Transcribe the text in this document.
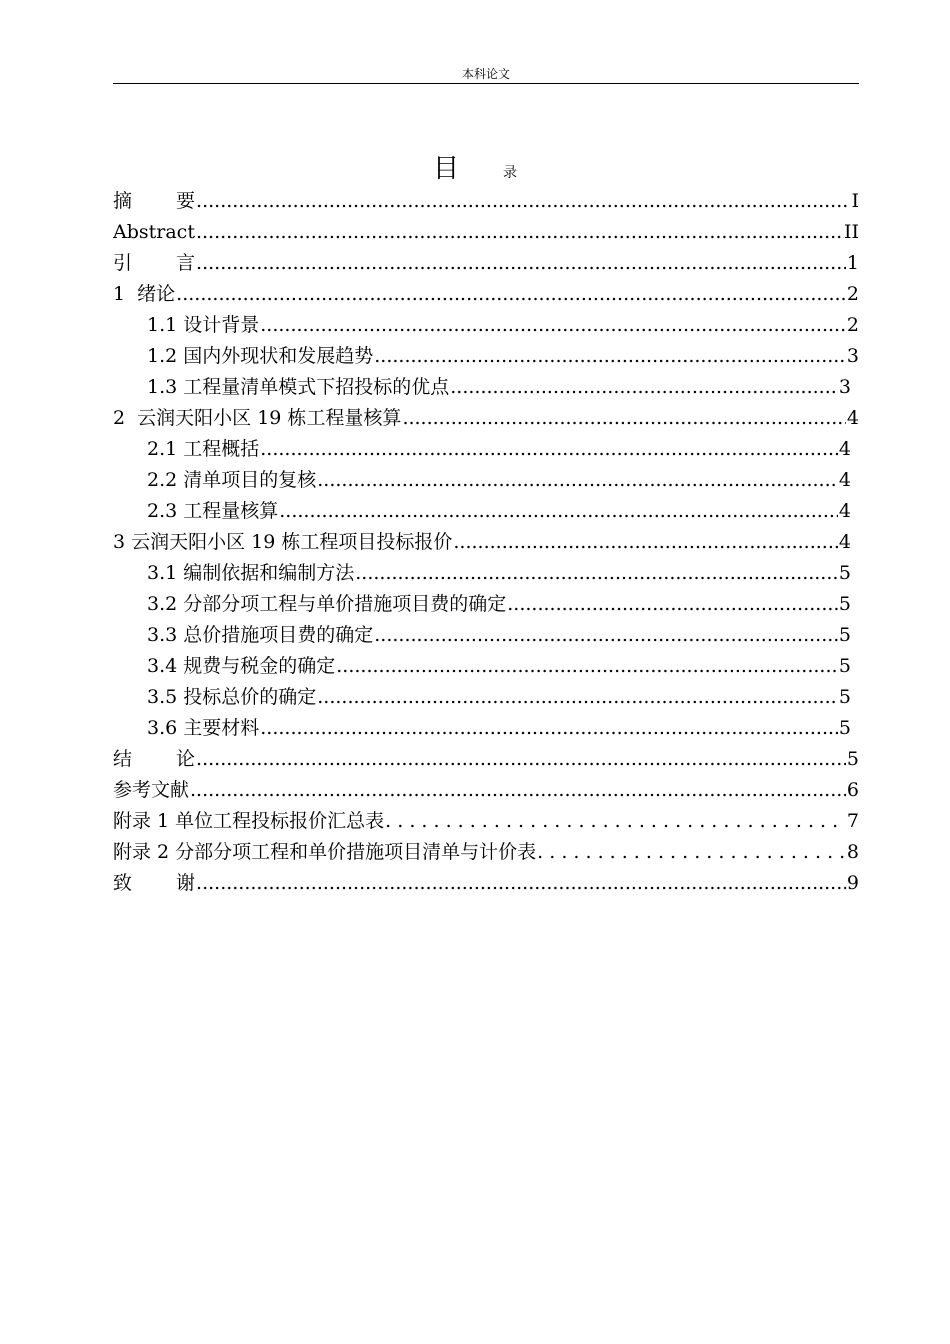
本科论文
目	录
摘要 .....	I
Abstract .....	II
引言 .....	1
1  绪论 .....	2
1.1 设计背景 .....	2
1.2 国内外现状和发展趋势 .....	3
1.3 工程量清单模式下招投标的优点 .....	3
2  云润天阳小区 19 栋工程量核算 .....	4
2.1 工程概括 .....	4
2.2 清单项目的复核 .....	4
2.3 工程量核算 .....	4
3 云润天阳小区 19 栋工程项目投标报价 .....	4
3.1 编制依据和编制方法 .....	5
3.2 分部分项工程与单价措施项目费的确定 .....	5
3.3 总价措施项目费的确定 .....	5
3.4 规费与税金的确定 .....	5
3.5 投标总价的确定 .....	5
3.6 主要材料 .....	5
结论 .....	5
参考文献 .....	6
附录 1 单位工程投标报价汇总表 . . .	7
附录 2 分部分项工程和单价措施项目清单与计价表 . . .	8
致谢 .....	9
